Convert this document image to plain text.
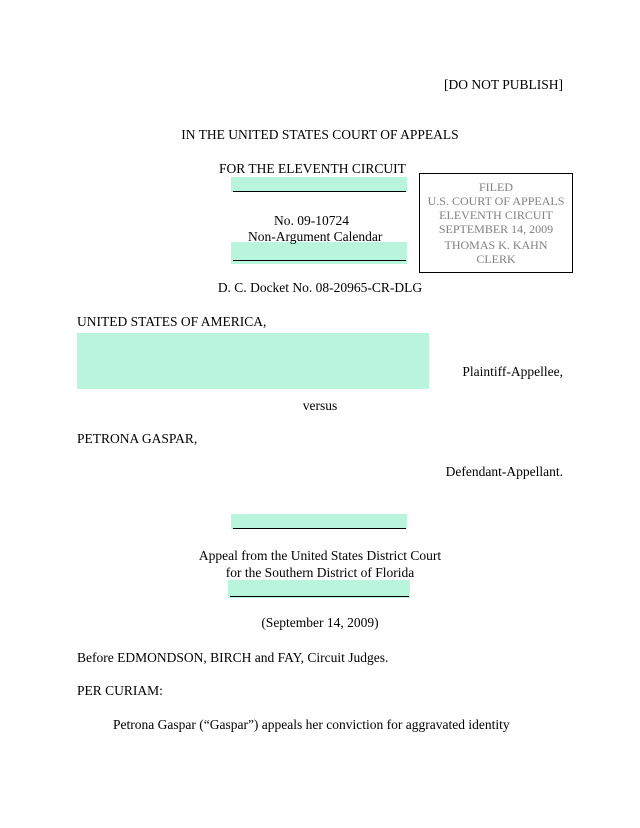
[DO NOT PUBLISH]
IN THE UNITED STATES COURT OF APPEALS
FOR THE ELEVENTH CIRCUIT
FILED
U.S. COURT OF APPEALS
ELEVENTH CIRCUIT
SEPTEMBER 14, 2009
THOMAS K. KAHN
CLERK
No. 09-10724
Non-Argument Calendar
D. C. Docket No. 08-20965-CR-DLG
UNITED STATES OF AMERICA,
Plaintiff-Appellee,
versus
PETRONA GASPAR,
Defendant-Appellant.
Appeal from the United States District Court
for the Southern District of Florida
(September 14, 2009)
Before EDMONDSON, BIRCH and FAY, Circuit Judges.
PER CURIAM:
Petrona Gaspar (“Gaspar”) appeals her conviction for aggravated identity
